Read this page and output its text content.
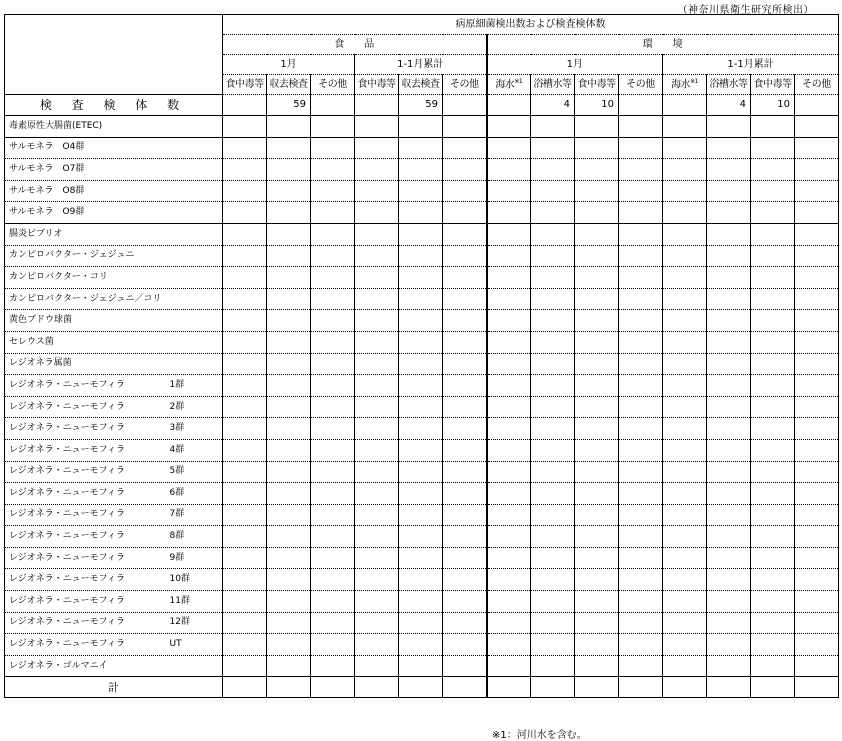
（神奈川県衛生研究所検出）
	病原細菌検出数および検査検体数													
	食　　品						環　　境							
	1月			1-1月累計			1月				1-1月累計			
	食中毒等	収去検査	その他	食中毒等	収去検査	その他	海水$^{※1}$	浴槽水等	食中毒等	その他	海水$^{※1}$	浴槽水等	食中毒等	その他
検 査 検 体 数		59			59			4	10			4	10	
毒素原性大腸菌(ETEC)														
サルモネラ　O4群														
サルモネラ　O7群														
サルモネラ　O8群														
サルモネラ　O9群														
腸炎ビブリオ														
カンピロバクター・ジェジュニ														
カンピロバクター・コリ														
カンピロバクター・ジェジュニ／コリ														
黄色ブドウ球菌														
セレウス菌														
レジオネラ属菌														
レジオネラ・ニューモフィラ 1群														

レジオネラ・ニューモフィラ 2群														

レジオネラ・ニューモフィラ 3群														

レジオネラ・ニューモフィラ 4群														

レジオネラ・ニューモフィラ 5群														

レジオネラ・ニューモフィラ 6群														

レジオネラ・ニューモフィラ 7群														

レジオネラ・ニューモフィラ 8群														

レジオネラ・ニューモフィラ 9群														

レジオネラ・ニューモフィラ 10群														

レジオネラ・ニューモフィラ 11群														

レジオネラ・ニューモフィラ 12群														

レジオネラ・ニューモフィラ UT														

レジオネラ・ゴルマニイ														
計														
※1：河川水を含む。
